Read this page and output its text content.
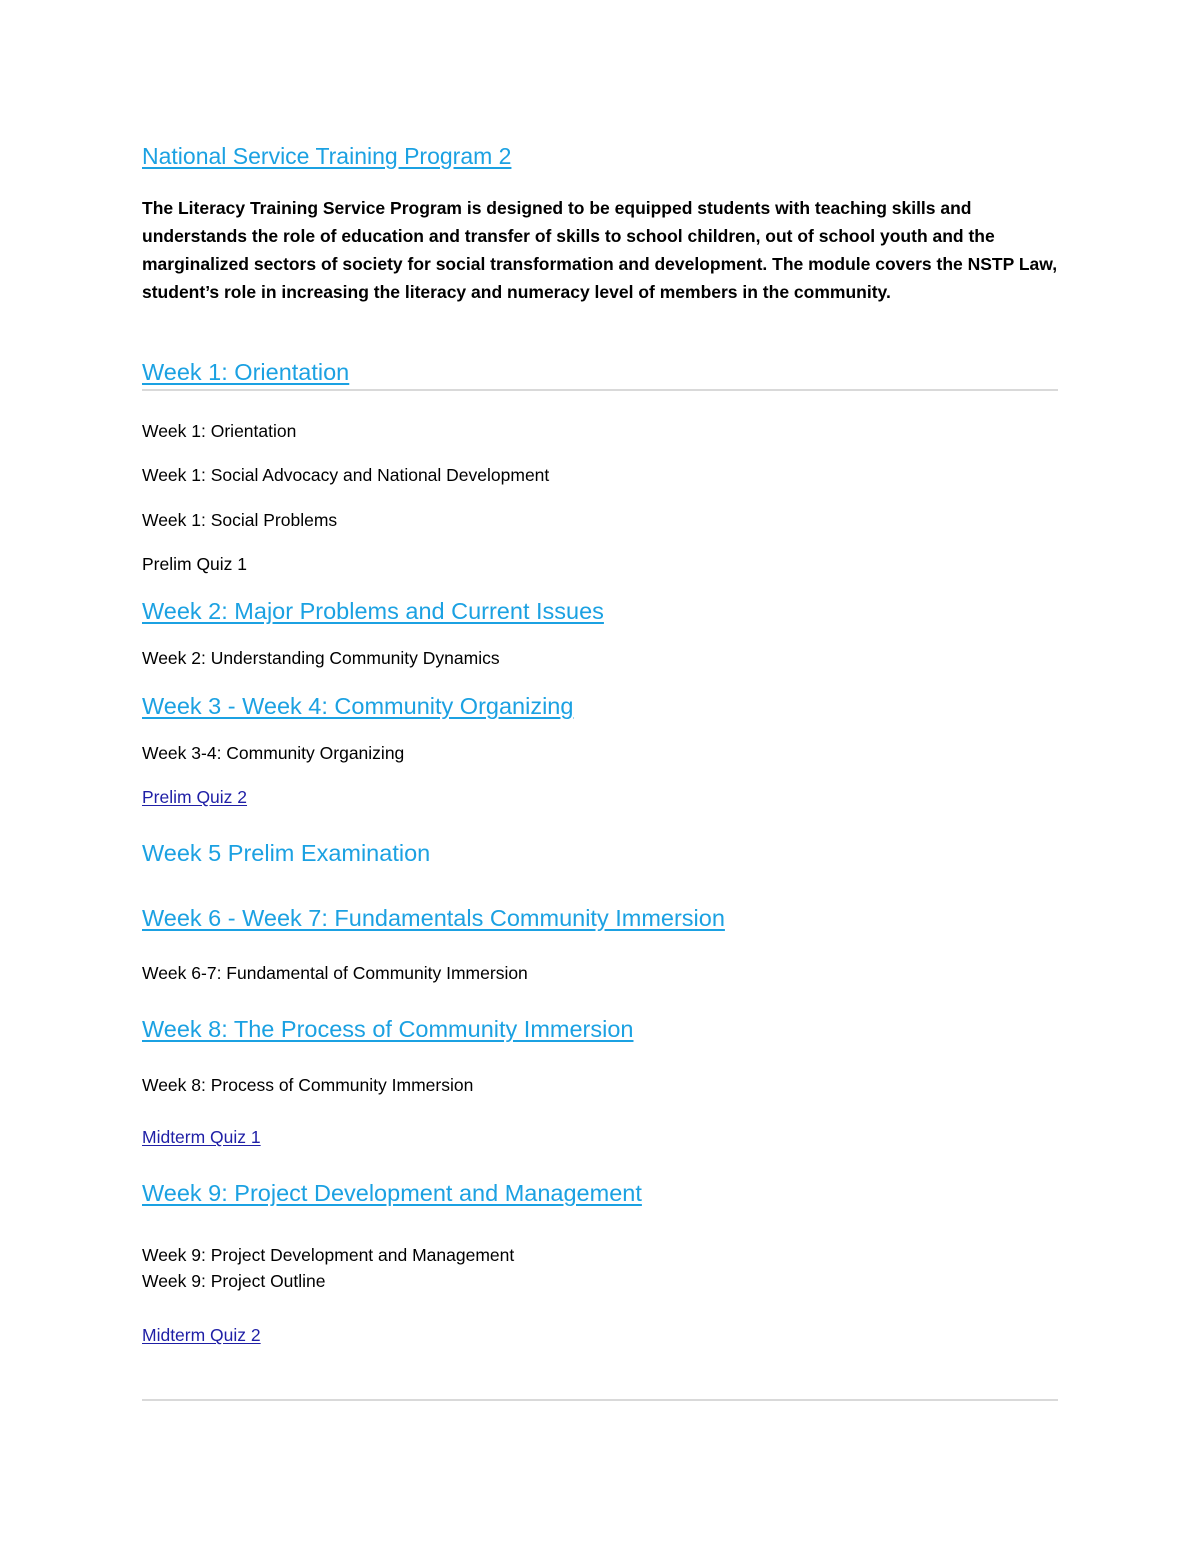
National Service Training Program 2

The Literacy Training Service Program is designed to be equipped students with teaching skills and understands the role of education and transfer of skills to school children, out of school youth and the marginalized sectors of society for social transformation and development. The module covers the NSTP Law, student’s role in increasing the literacy and numeracy level of members in the community.

Week 1: Orientation
Week 1: Orientation
Week 1: Social Advocacy and National Development
Week 1: Social Problems
Prelim Quiz 1
Week 2: Major Problems and Current Issues
Week 2: Understanding Community Dynamics
Week 3 - Week 4: Community Organizing
Week 3-4: Community Organizing
Prelim Quiz 2
Week 5 Prelim Examination
Week 6 - Week 7: Fundamentals Community Immersion
Week 6-7: Fundamental of Community Immersion
Week 8: The Process of Community Immersion
Week 8: Process of Community Immersion
Midterm Quiz 1
Week 9: Project Development and Management
Week 9: Project Development and Management
Week 9: Project Outline
Midterm Quiz 2
